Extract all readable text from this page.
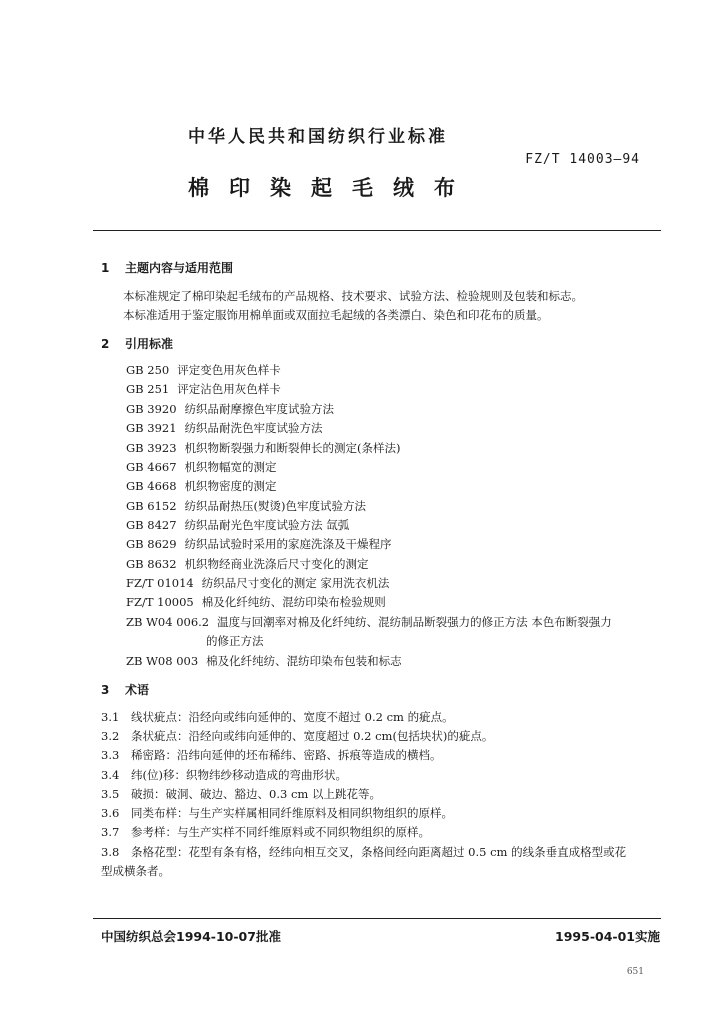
中华人民共和国纺织行业标准
FZ/T 14003—94
棉印染起毛绒布
1 主题内容与适用范围
本标准规定了棉印染起毛绒布的产品规格、技术要求、试验方法、检验规则及包装和标志。
本标准适用于鉴定服饰用棉单面或双面拉毛起绒的各类漂白、染色和印花布的质量。
2 引用标准
GB 250 评定变色用灰色样卡
GB 251 评定沾色用灰色样卡
GB 3920 纺织品耐摩擦色牢度试验方法
GB 3921 纺织品耐洗色牢度试验方法
GB 3923 机织物断裂强力和断裂伸长的测定(条样法)
GB 4667 机织物幅宽的测定
GB 4668 机织物密度的测定
GB 6152 纺织品耐热压(熨烫)色牢度试验方法
GB 8427 纺织品耐光色牢度试验方法 氙弧
GB 8629 纺织品试验时采用的家庭洗涤及干燥程序
GB 8632 机织物经商业洗涤后尺寸变化的测定
FZ/T 01014 纺织品尺寸变化的测定 家用洗衣机法
FZ/T 10005 棉及化纤纯纺、混纺印染布检验规则
ZB W04 006.2 温度与回潮率对棉及化纤纯纺、混纺制品断裂强力的修正方法 本色布断裂强力
的修正方法
ZB W08 003 棉及化纤纯纺、混纺印染布包装和标志
3 术语
3.1 线状疵点：沿经向或纬向延伸的、宽度不超过 0.2 cm 的疵点。
3.2 条状疵点：沿经向或纬向延伸的、宽度超过 0.2 cm(包括块状)的疵点。
3.3 稀密路：沿纬向延伸的坯布稀纬、密路、拆痕等造成的横档。
3.4 纬(位)移：织物纬纱移动造成的弯曲形状。
3.5 破损：破洞、破边、豁边、0.3 cm 以上跳花等。
3.6 同类布样：与生产实样属相同纤维原料及相同织物组织的原样。
3.7 参考样：与生产实样不同纤维原料或不同织物组织的原样。
3.8 条格花型：花型有条有格，经纬向相互交叉，条格间经向距离超过 0.5 cm 的线条垂直成格型或花
型成横条者。
中国纺织总会1994-10-07批准	1995-04-01实施
651
